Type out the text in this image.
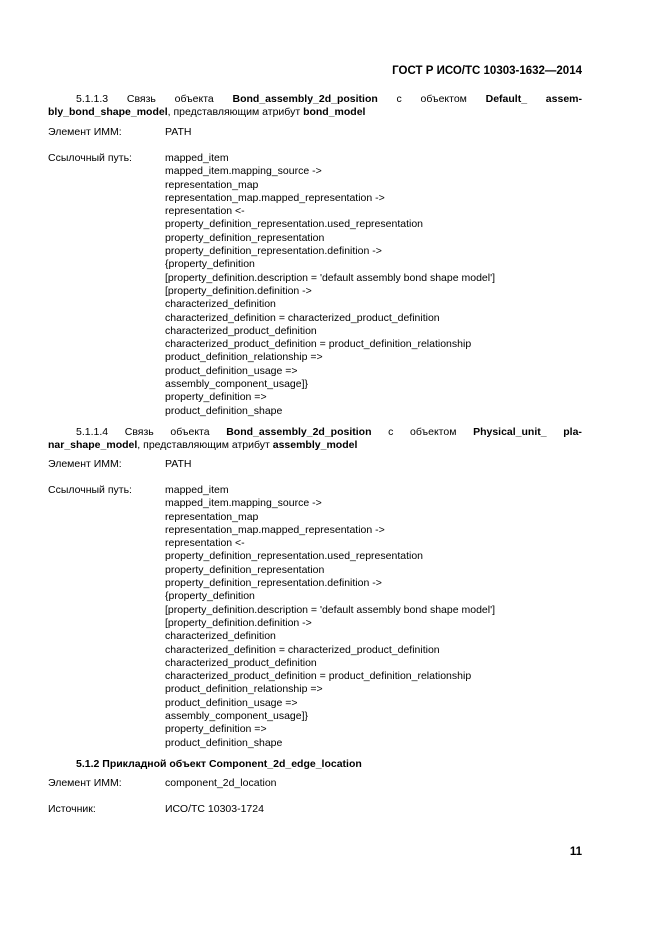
ГОСТ Р ИСО/ТС 10303-1632—2014
5.1.1.3 Связь объекта Bond_assembly_2d_position с объектом Default_ assem-
bly_bond_shape_model, представляющим атрибут bond_model
Элемент ИММ:	PATH
Ссылочный путь:	mapped_item
mapped_item.mapping_source ->
representation_map
representation_map.mapped_representation ->
representation <-
property_definition_representation.used_representation
property_definition_representation
property_definition_representation.definition ->
{property_definition
[property_definition.description = 'default assembly bond shape model']
[property_definition.definition ->
characterized_definition
characterized_definition = characterized_product_definition
characterized_product_definition
characterized_product_definition = product_definition_relationship
product_definition_relationship =>
product_definition_usage =>
assembly_component_usage]}
property_definition =>
product_definition_shape
5.1.1.4 Связь объекта Bond_assembly_2d_position с объектом Physical_unit_ pla-
nar_shape_model, представляющим атрибут assembly_model
Элемент ИММ:	PATH
Ссылочный путь:	mapped_item
mapped_item.mapping_source ->
representation_map
representation_map.mapped_representation ->
representation <-
property_definition_representation.used_representation
property_definition_representation
property_definition_representation.definition ->
{property_definition
[property_definition.description = 'default assembly bond shape model']
[property_definition.definition ->
characterized_definition
characterized_definition = characterized_product_definition
characterized_product_definition
characterized_product_definition = product_definition_relationship
product_definition_relationship =>
product_definition_usage =>
assembly_component_usage]}
property_definition =>
product_definition_shape
5.1.2 Прикладной объект Component_2d_edge_location
Элемент ИММ:	component_2d_location
Источник:	ИСО/ТС 10303-1724
11
